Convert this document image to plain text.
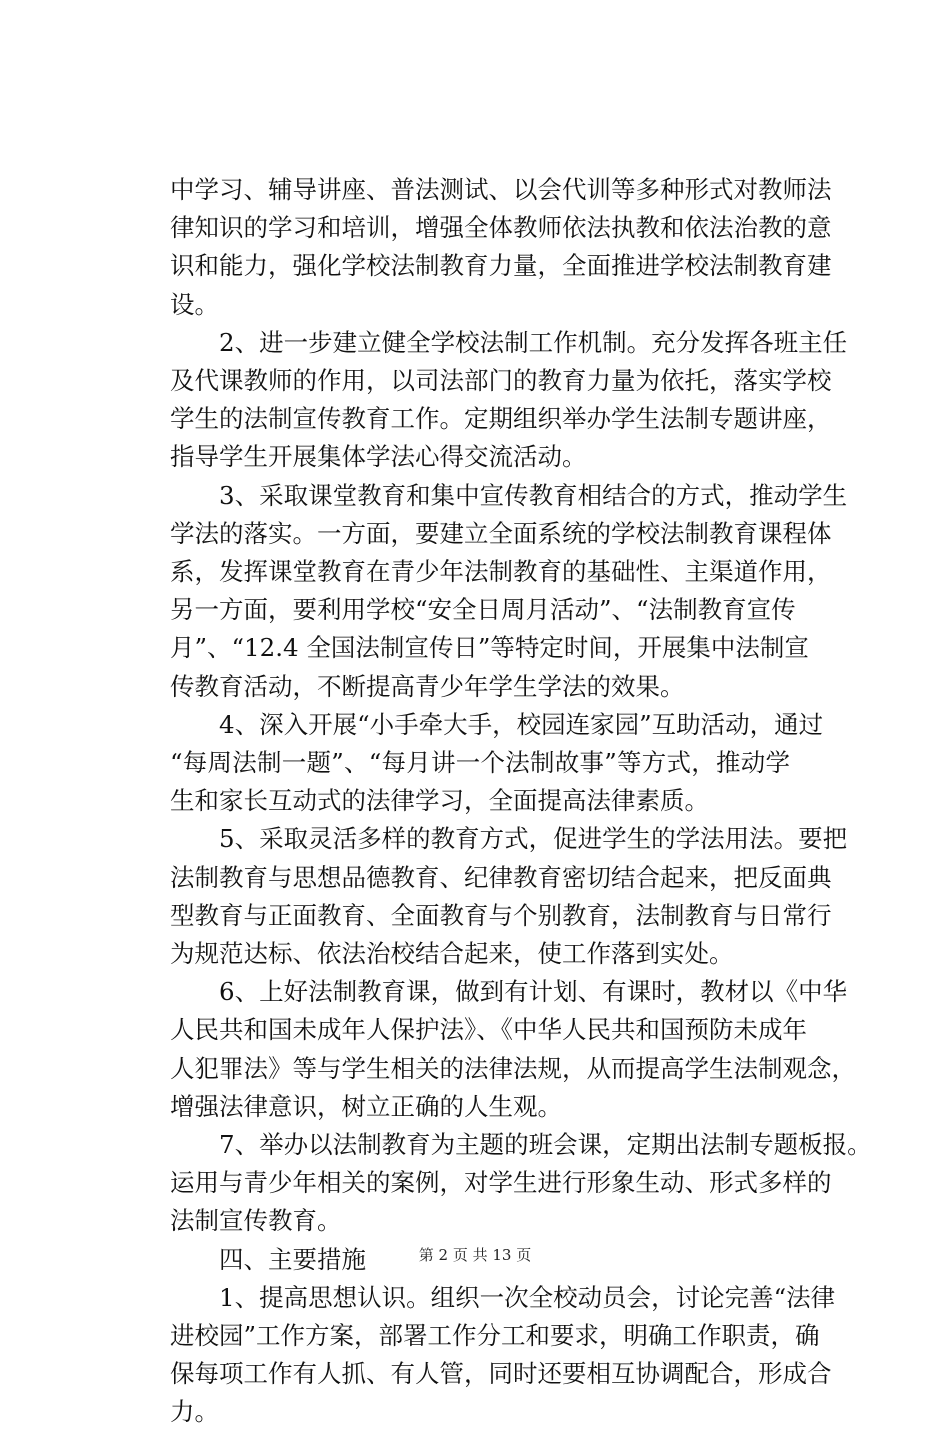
中学习、辅导讲座、普法测试、以会代训等多种形式对教师法
律知识的学习和培训，增强全体教师依法执教和依法治教的意
识和能力，强化学校法制教育力量，全面推进学校法制教育建
设。
2、进一步建立健全学校法制工作机制。充分发挥各班主任
及代课教师的作用，以司法部门的教育力量为依托，落实学校
学生的法制宣传教育工作。定期组织举办学生法制专题讲座，
指导学生开展集体学法心得交流活动。
3、采取课堂教育和集中宣传教育相结合的方式，推动学生
学法的落实。一方面，要建立全面系统的学校法制教育课程体
系，发挥课堂教育在青少年法制教育的基础性、主渠道作用，
另一方面，要利用学校“安全日周月活动”、“法制教育宣传
月”、“12.4 全国法制宣传日”等特定时间，开展集中法制宣
传教育活动，不断提高青少年学生学法的效果。
4、深入开展“小手牵大手，校园连家园”互助活动，通过
“每周法制一题”、“每月讲一个法制故事”等方式，推动学
生和家长互动式的法律学习，全面提高法律素质。
5、采取灵活多样的教育方式，促进学生的学法用法。要把
法制教育与思想品德教育、纪律教育密切结合起来，把反面典
型教育与正面教育、全面教育与个别教育，法制教育与日常行
为规范达标、依法治校结合起来，使工作落到实处。
6、上好法制教育课，做到有计划、有课时，教材以《中华
人民共和国未成年人保护法》、《中华人民共和国预防未成年
人犯罪法》等与学生相关的法律法规，从而提高学生法制观念，
增强法律意识，树立正确的人生观。
7、举办以法制教育为主题的班会课，定期出法制专题板报。
运用与青少年相关的案例，对学生进行形象生动、形式多样的
法制宣传教育。
四、主要措施
1、提高思想认识。组织一次全校动员会，讨论完善“法律
进校园”工作方案，部署工作分工和要求，明确工作职责，确
保每项工作有人抓、有人管，同时还要相互协调配合，形成合
力。
第 2 页 共 13 页
